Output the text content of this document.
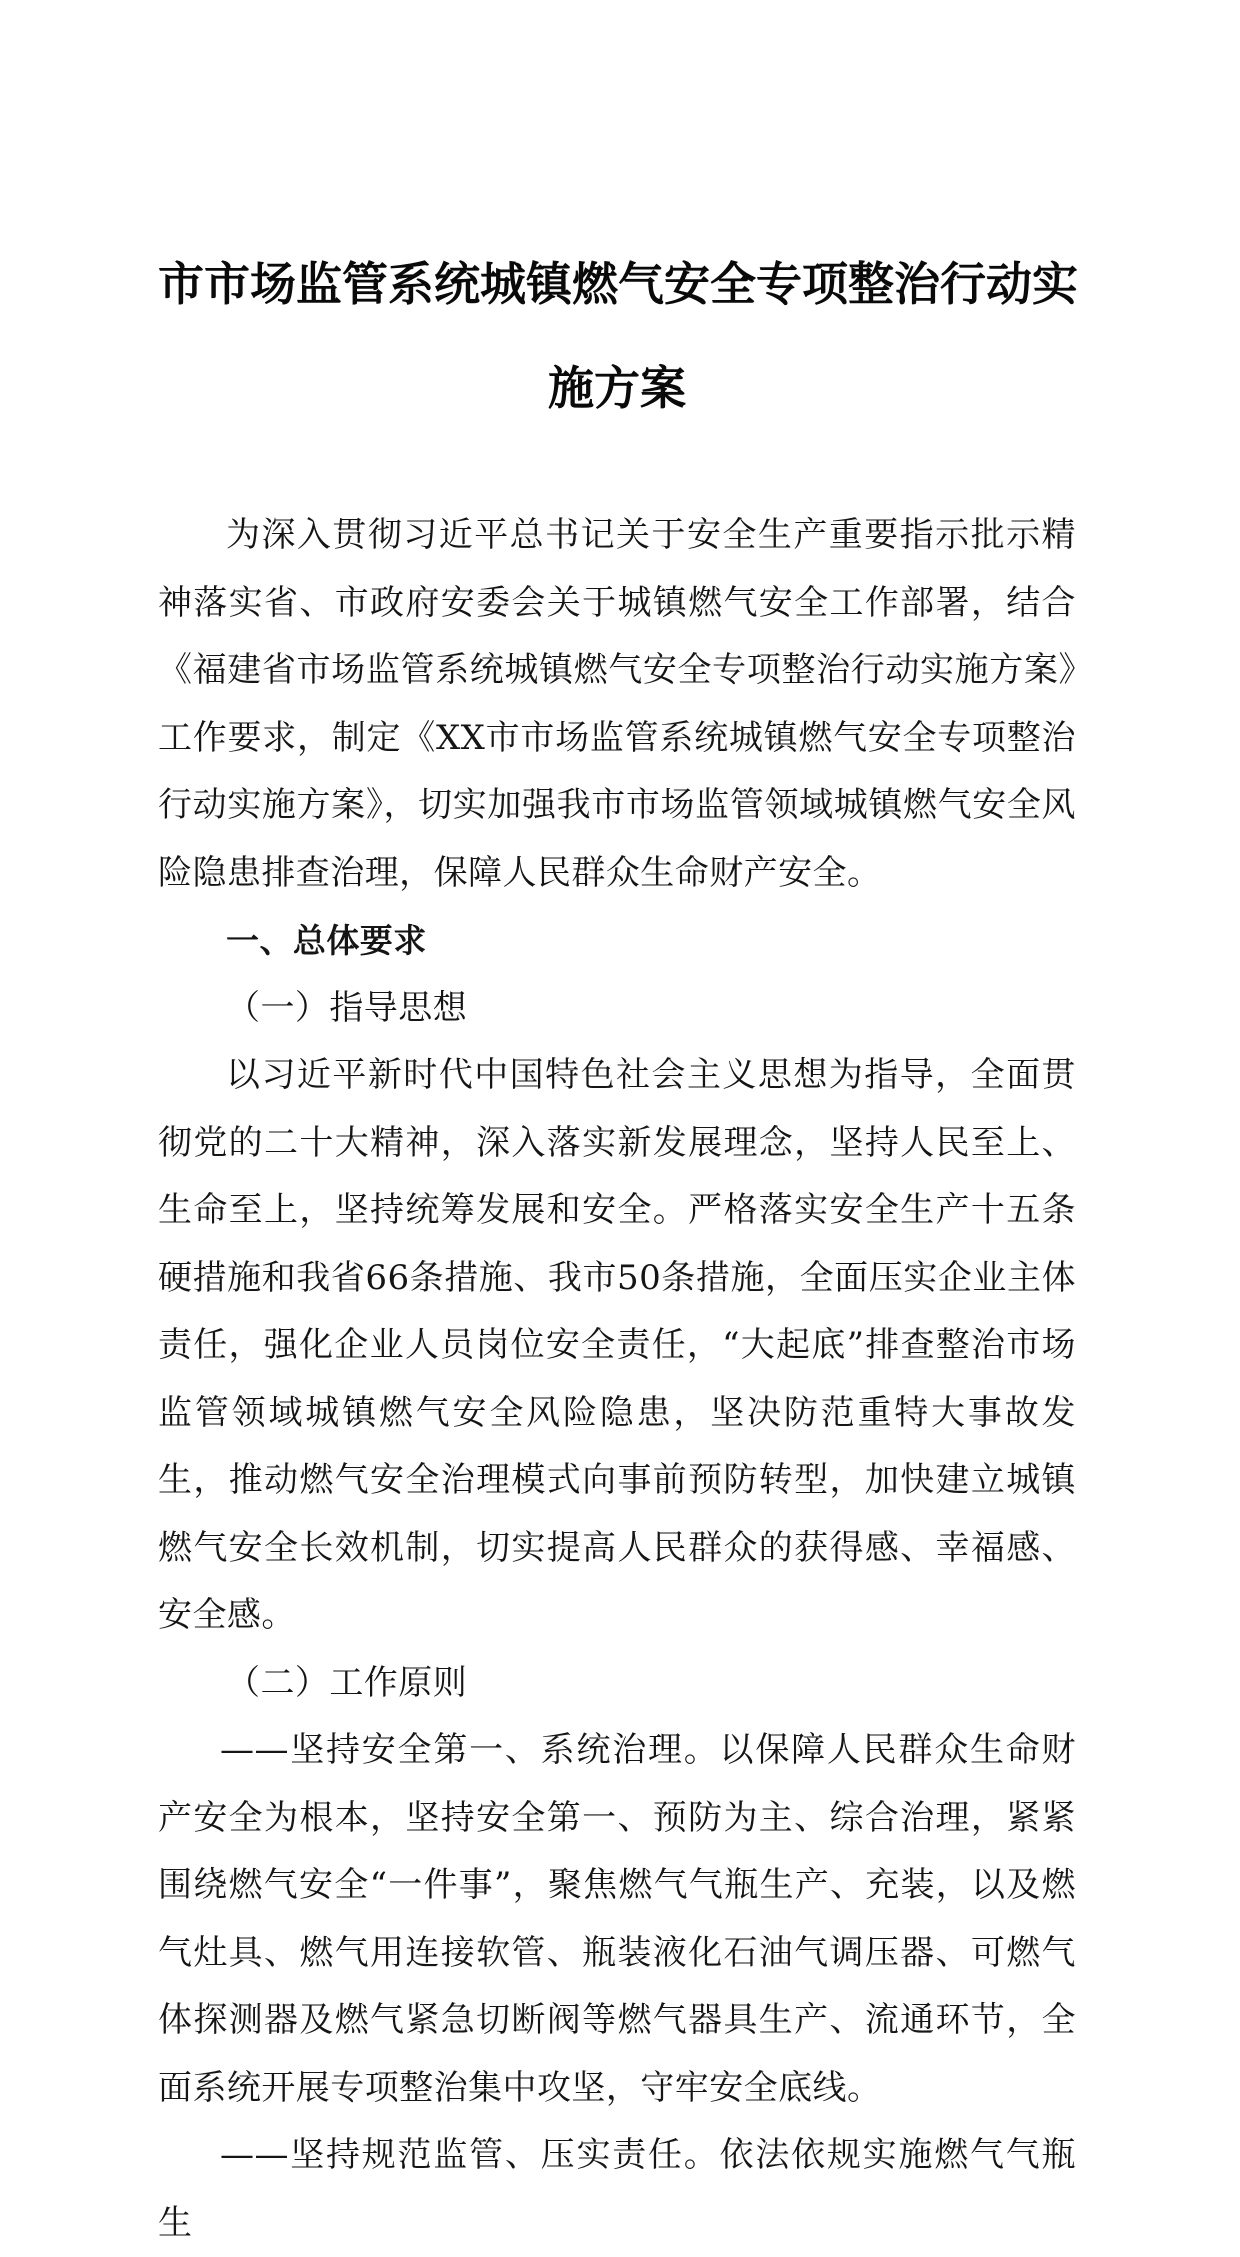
市市场监管系统城镇燃气安全专项整治行动实
施方案

为深入贯彻习近平总书记关于安全生产重要指示批示精神落实省、市政府安委会关于城镇燃气安全工作部署，结合《福建省市场监管系统城镇燃气安全专项整治行动实施方案》工作要求，制定《XX市市场监管系统城镇燃气安全专项整治行动实施方案》，切实加强我市市场监管领域城镇燃气安全风险隐患排查治理，保障人民群众生命财产安全。

一、总体要求

（一）指导思想

以习近平新时代中国特色社会主义思想为指导，全面贯彻党的二十大精神，深入落实新发展理念，坚持人民至上、生命至上，坚持统筹发展和安全。严格落实安全生产十五条硬措施和我省66条措施、我市50条措施，全面压实企业主体责任，强化企业人员岗位安全责任，“大起底”排查整治市场监管领域城镇燃气安全风险隐患，坚决防范重特大事故发生，推动燃气安全治理模式向事前预防转型，加快建立城镇燃气安全长效机制，切实提高人民群众的获得感、幸福感、安全感。

（二）工作原则

——坚持安全第一、系统治理。以保障人民群众生命财产安全为根本，坚持安全第一、预防为主、综合治理，紧紧围绕燃气安全“一件事”，聚焦燃气气瓶生产、充装，以及燃气灶具、燃气用连接软管、瓶装液化石油气调压器、可燃气体探测器及燃气紧急切断阀等燃气器具生产、流通环节，全面系统开展专项整治集中攻坚，守牢安全底线。

——坚持规范监管、压实责任。依法依规实施燃气气瓶生
